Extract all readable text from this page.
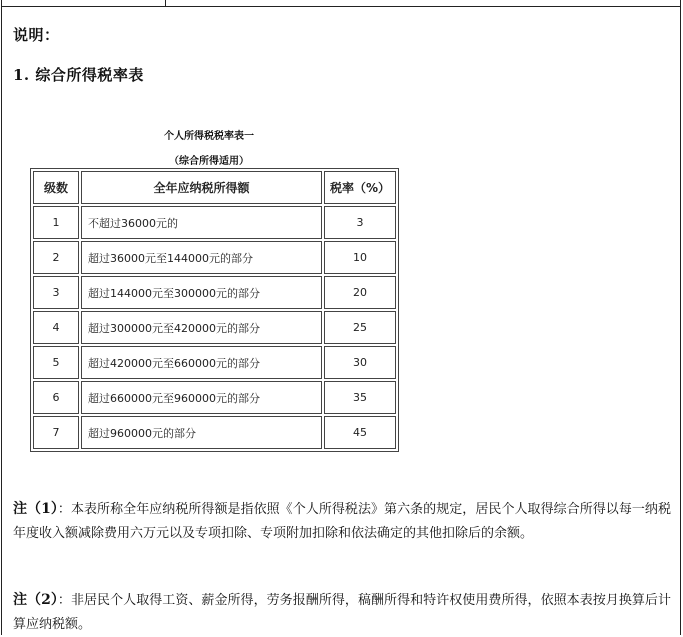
说明：
1. 综合所得税率表
个人所得税税率表一
（综合所得适用）
级数	全年应纳税所得额	税率（%）
1	不超过36000元的	3
2	超过36000元至144000元的部分	10
3	超过144000元至300000元的部分	20
4	超过300000元至420000元的部分	25
5	超过420000元至660000元的部分	30
6	超过660000元至960000元的部分	35
7	超过960000元的部分	45
注（1）：本表所称全年应纳税所得额是指依照《个人所得税法》第六条的规定，居民个人取得综合所得以每一纳税年度收入额减除费用六万元以及专项扣除、专项附加扣除和依法确定的其他扣除后的余额。
注（2）：非居民个人取得工资、薪金所得，劳务报酬所得，稿酬所得和特许权使用费所得，依照本表按月换算后计算应纳税额。
